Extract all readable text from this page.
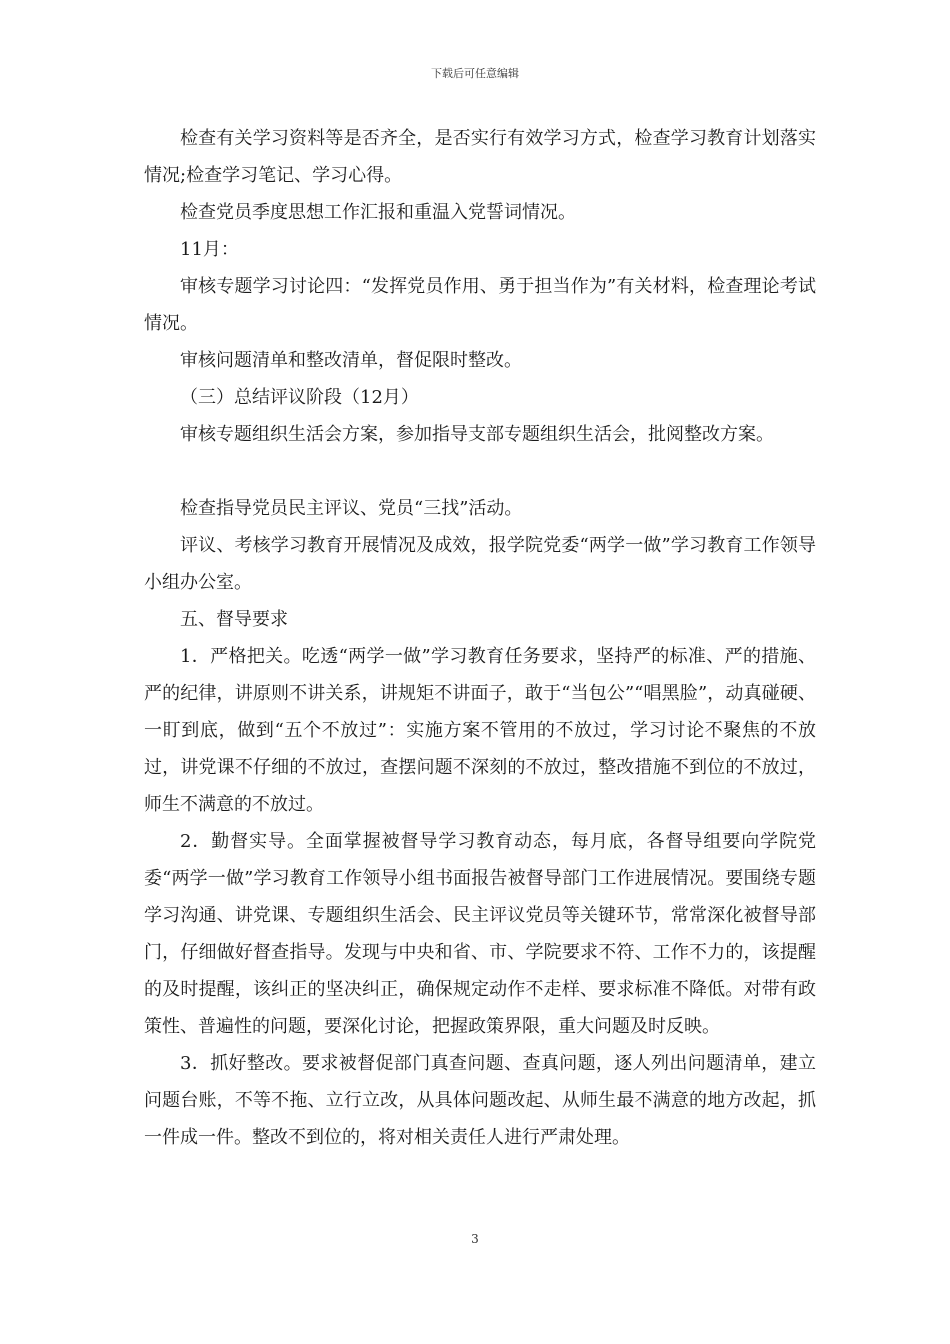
下载后可任意编辑

检查有关学习资料等是否齐全，是否实行有效学习方式，检查学习教育计划落实情况;检查学习笔记、学习心得。

检查党员季度思想工作汇报和重温入党誓词情况。

11月：

审核专题学习讨论四：“发挥党员作用、勇于担当作为”有关材料，检查理论考试情况。

审核问题清单和整改清单，督促限时整改。

（三）总结评议阶段（12月）

审核专题组织生活会方案，参加指导支部专题组织生活会，批阅整改方案。

检查指导党员民主评议、党员“三找”活动。

评议、考核学习教育开展情况及成效，报学院党委“两学一做”学习教育工作领导小组办公室。

五、督导要求

1．严格把关。吃透“两学一做”学习教育任务要求，坚持严的标准、严的措施、严的纪律，讲原则不讲关系，讲规矩不讲面子，敢于“当包公”“唱黑脸”，动真碰硬、一盯到底，做到“五个不放过”：实施方案不管用的不放过，学习讨论不聚焦的不放过，讲党课不仔细的不放过，查摆问题不深刻的不放过，整改措施不到位的不放过，师生不满意的不放过。

2．勤督实导。全面掌握被督导学习教育动态，每月底，各督导组要向学院党委“两学一做”学习教育工作领导小组书面报告被督导部门工作进展情况。要围绕专题学习沟通、讲党课、专题组织生活会、民主评议党员等关键环节，常常深化被督导部门，仔细做好督查指导。发现与中央和省、市、学院要求不符、工作不力的，该提醒的及时提醒，该纠正的坚决纠正，确保规定动作不走样、要求标准不降低。对带有政策性、普遍性的问题，要深化讨论，把握政策界限，重大问题及时反映。

3．抓好整改。要求被督促部门真查问题、查真问题，逐人列出问题清单，建立问题台账，不等不拖、立行立改，从具体问题改起、从师生最不满意的地方改起，抓一件成一件。整改不到位的，将对相关责任人进行严肃处理。

3
